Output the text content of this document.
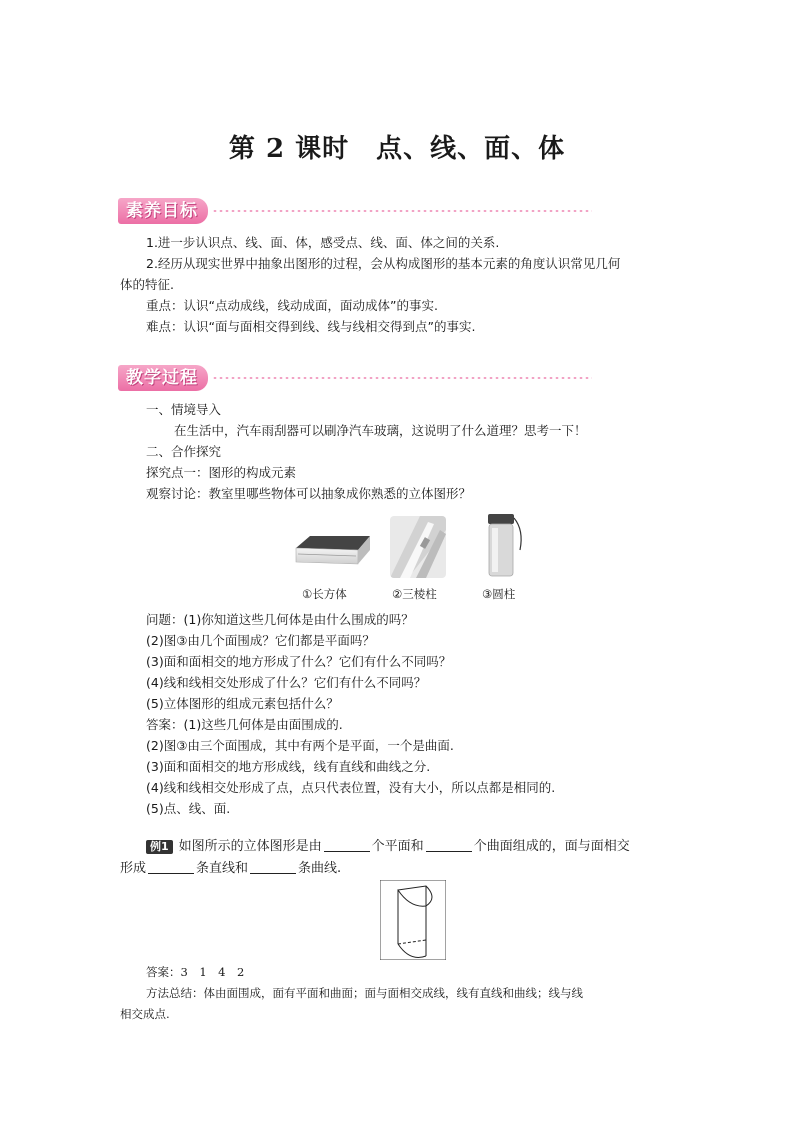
第 2 课时　点、线、面、体
素养目标
1.进一步认识点、线、面、体，感受点、线、面、体之间的关系.
2.经历从现实世界中抽象出图形的过程，会从构成图形的基本元素的角度认识常见几何
体的特征.
重点：认识“点动成线，线动成面，面动成体”的事实.
难点：认识“面与面相交得到线、线与线相交得到点”的事实.
教学过程
一、情境导入
在生活中，汽车雨刮器可以刷净汽车玻璃，这说明了什么道理？思考一下！
二、合作探究
探究点一：图形的构成元素
观察讨论：教室里哪些物体可以抽象成你熟悉的立体图形？
①长方体	②三棱柱	③圆柱
问题：(1)你知道这些几何体是由什么围成的吗？
(2)图③由几个面围成？它们都是平面吗？
(3)面和面相交的地方形成了什么？它们有什么不同吗？
(4)线和线相交处形成了什么？它们有什么不同吗？
(5)立体图形的组成元素包括什么？
答案：(1)这些几何体是由面围成的.
(2)图③由三个面围成，其中有两个是平面，一个是曲面.
(3)面和面相交的地方形成线，线有直线和曲线之分.
(4)线和线相交处形成了点，点只代表位置，没有大小，所以点都是相同的.
(5)点、线、面.
例1 如图所示的立体图形是由	个平面和	个曲面组成的，面与面相交
形成	条直线和	条曲线.
答案：3　1　4　2
方法总结：体由面围成，面有平面和曲面；面与面相交成线，线有直线和曲线；线与线
相交成点.
